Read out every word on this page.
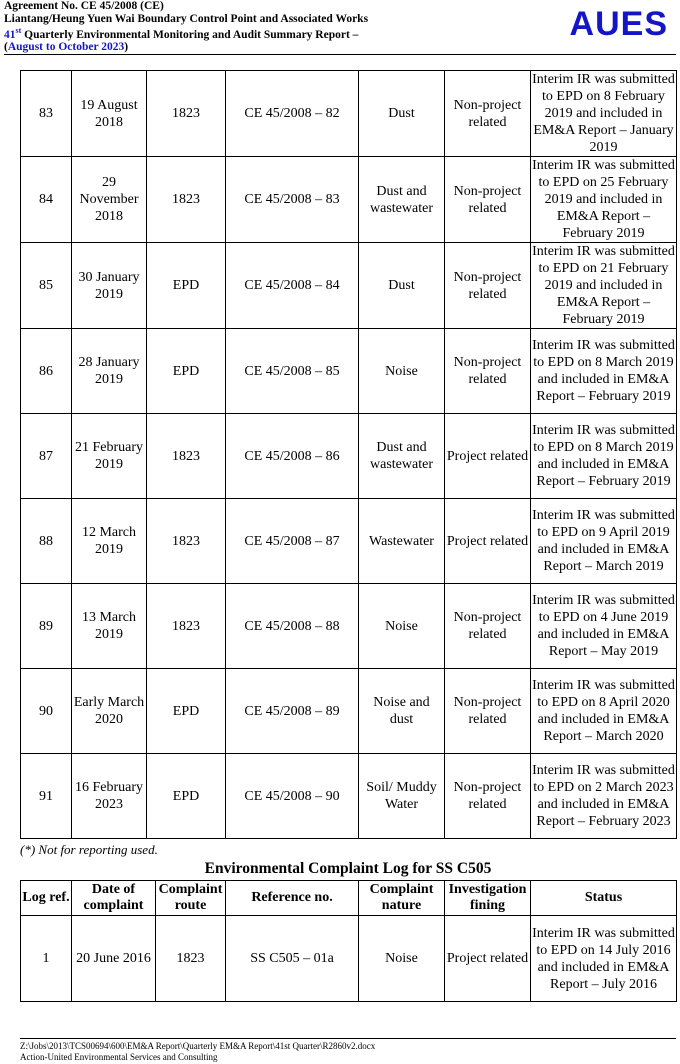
Agreement No. CE 45/2008 (CE)
Liantang/Heung Yuen Wai Boundary Control Point and Associated Works
41st Quarterly Environmental Monitoring and Audit Summary Report –
(August to October 2023)
AUES
83	19 August 2018	1823	CE 45/2008 – 82	Dust	Non-project related	Interim IR was submitted to EPD on 8 February 2019 and included in EM&A Report – January 2019
84	29 November 2018	1823	CE 45/2008 – 83	Dust and wastewater	Non-project related	Interim IR was submitted to EPD on 25 February 2019 and included in EM&A Report – February 2019
85	30 January 2019	EPD	CE 45/2008 – 84	Dust	Non-project related	Interim IR was submitted to EPD on 21 February 2019 and included in EM&A Report – February 2019
86	28 January 2019	EPD	CE 45/2008 – 85	Noise	Non-project related	Interim IR was submitted to EPD on 8 March 2019 and included in EM&A Report – February 2019
87	21 February 2019	1823	CE 45/2008 – 86	Dust and wastewater	Project related	Interim IR was submitted to EPD on 8 March 2019 and included in EM&A Report – February 2019
88	12 March 2019	1823	CE 45/2008 – 87	Wastewater	Project related	Interim IR was submitted to EPD on 9 April 2019 and included in EM&A Report – March 2019
89	13 March 2019	1823	CE 45/2008 – 88	Noise	Non-project related	Interim IR was submitted to EPD on 4 June 2019 and included in EM&A Report – May 2019
90	Early March 2020	EPD	CE 45/2008 – 89	Noise and dust	Non-project related	Interim IR was submitted to EPD on 8 April 2020 and included in EM&A Report – March 2020
91	16 February 2023	EPD	CE 45/2008 – 90	Soil/ Muddy Water	Non-project related	Interim IR was submitted to EPD on 2 March 2023 and included in EM&A Report – February 2023
(*) Not for reporting used.
Environmental Complaint Log for SS C505
Log ref.	Date of complaint	Complaint route	Reference no.	Complaint nature	Investigation fining	Status
1	20 June 2016	1823	SS C505 – 01a	Noise	Project related	Interim IR was submitted to EPD on 14 July 2016 and included in EM&A Report – July 2016
Z:\Jobs\2013\TCS00694\600\EM&A Report\Quarterly EM&A Report\41st Quarter\R2860v2.docx
Action-United Environmental Services and Consulting
